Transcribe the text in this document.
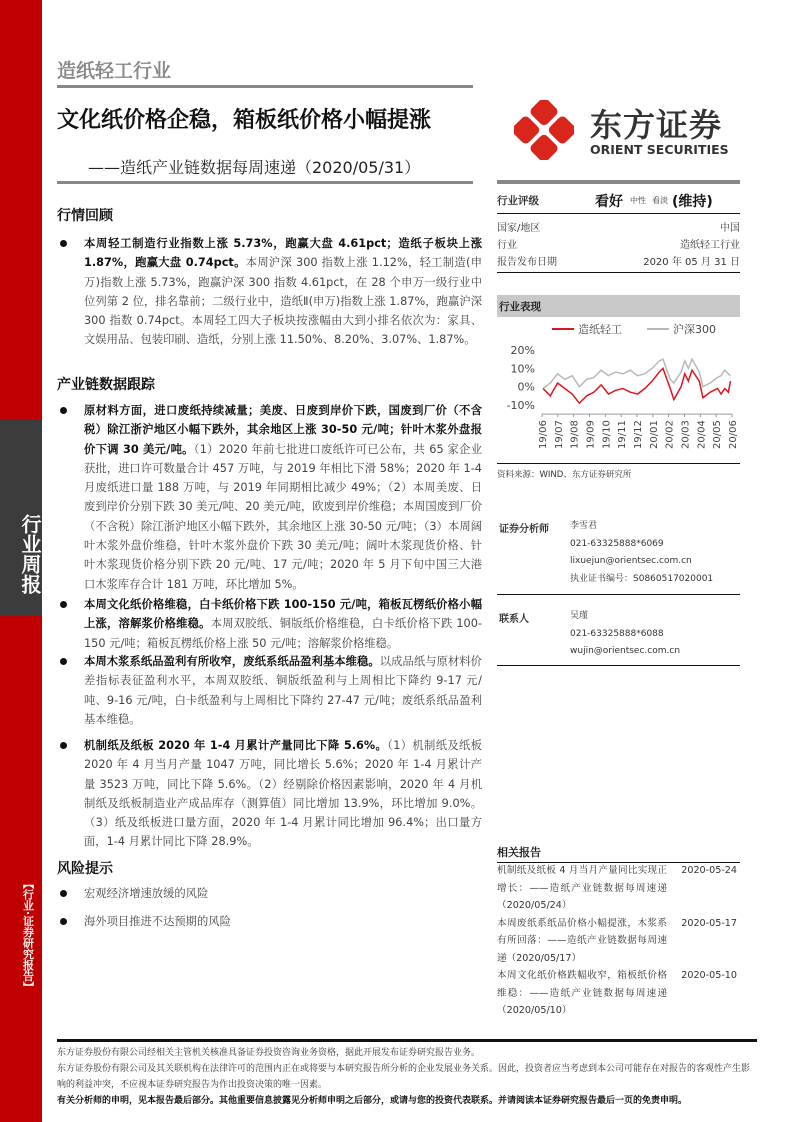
行业周报
【行业·证券研究报告】
造纸轻工行业
文化纸价格企稳，箱板纸价格小幅提涨
——造纸产业链数据每周速递（2020/05/31）
东方证券
ORIENT SECURITIES
行情回顾
本周轻工制造行业指数上涨 5.73%，跑赢大盘 4.61pct；造纸子板块上涨 1.87%，跑赢大盘 0.74pct。本周沪深 300 指数上涨 1.12%，轻工制造(申万)指数上涨 5.73%，跑赢沪深 300 指数 4.61pct，在 28 个申万一级行业中位列第 2 位，排名靠前；二级行业中，造纸Ⅱ(申万)指数上涨 1.87%，跑赢沪深 300 指数 0.74pct。本周轻工四大子板块按涨幅由大到小排名依次为：家具、文娱用品、包装印刷、造纸，分别上涨 11.50%、8.20%、3.07%、1.87%。
产业链数据跟踪
原材料方面，进口废纸持续减量；美废、日废到岸价下跌，国废到厂价（不含税）除江浙沪地区小幅下跌外，其余地区上涨 30-50 元/吨；针叶木浆外盘报价下调 30 美元/吨。（1）2020 年前七批进口废纸许可已公布，共 65 家企业获批，进口许可数量合计 457 万吨，与 2019 年相比下滑 58%；2020 年 1-4 月废纸进口量 188 万吨，与 2019 年同期相比减少 49%；（2）本周美废、日废到岸价分别下跌 30 美元/吨、20 美元/吨，欧废到岸价维稳；本周国废到厂价（不含税）除江浙沪地区小幅下跌外，其余地区上涨 30-50 元/吨；（3）本周阔叶木浆外盘价维稳，针叶木浆外盘价下跌 30 美元/吨；阔叶木浆现货价格、针叶木浆现货价格分别下跌 20 元/吨、17 元/吨；2020 年 5 月下旬中国三大港口木浆库存合计 181 万吨，环比增加 5%。
本周文化纸价格维稳，白卡纸价格下跌 100-150 元/吨，箱板瓦楞纸价格小幅上涨，溶解浆价格维稳。本周双胶纸、铜版纸价格维稳，白卡纸价格下跌 100-150 元/吨；箱板瓦楞纸价格上涨 50 元/吨；溶解浆价格维稳。
本周木浆系纸品盈利有所收窄，废纸系纸品盈利基本维稳。以成品纸与原材料价差指标表征盈利水平，本周双胶纸、铜版纸盈利与上周相比下降约 9-17 元/吨、9-16 元/吨，白卡纸盈利与上周相比下降约 27-47 元/吨；废纸系纸品盈利基本维稳。
机制纸及纸板 2020 年 1-4 月累计产量同比下降 5.6%。（1）机制纸及纸板 2020 年 4 月当月产量 1047 万吨，同比增长 5.6%；2020 年 1-4 月累计产量 3523 万吨，同比下降 5.6%。（2）经剔除价格因素影响，2020 年 4 月机制纸及纸板制造业产成品库存（测算值）同比增加 13.9%，环比增加 9.0%。（3）纸及纸板进口量方面，2020 年 1-4 月累计同比增加 96.4%；出口量方面，1-4 月累计同比下降 28.9%。
风险提示
宏观经济增速放缓的风险
海外项目推进不达预期的风险
行业评级	看好 中性 看淡 (维持)
国家/地区	中国
行业	造纸轻工行业
报告发布日期	2020 年 05 月 31 日
行业表现
造纸轻工	沪深300
20%
10%
0%
-10%
19/06 19/07 19/08 19/09 19/10 19/11 19/12 20/01 20/02 20/03 20/04 20/05 20/06
资料来源：WIND、东方证券研究所
证券分析师 李雪君
021-63325888*6069
lixuejun@orientsec.com.cn
执业证书编号：S0860517020001
联系人	吴瑾
021-63325888*6088
wujin@orientsec.com.cn
相关报告
机制纸及纸板 4 月当月产量同比实现正增长：——造纸产业链数据每周速递（2020/05/24）
2020-05-24
本周废纸系纸品价格小幅提涨，木浆系有所回落：——造纸产业链数据每周速递（2020/05/17）
2020-05-17
本周文化纸价格跌幅收窄，箱板纸价格维稳：——造纸产业链数据每周速递（2020/05/10）
2020-05-10
东方证券股份有限公司经相关主管机关核准具备证券投资咨询业务资格，据此开展发布证券研究报告业务。
东方证券股份有限公司及其关联机构在法律许可的范围内正在或将要与本研究报告所分析的企业发展业务关系。因此，投资者应当考虑到本公司可能存在对报告的客观性产生影响的利益冲突，不应视本证券研究报告为作出投资决策的唯一因素。
有关分析师的申明，见本报告最后部分。其他重要信息披露见分析师申明之后部分，或请与您的投资代表联系。并请阅读本证券研究报告最后一页的免责申明。
